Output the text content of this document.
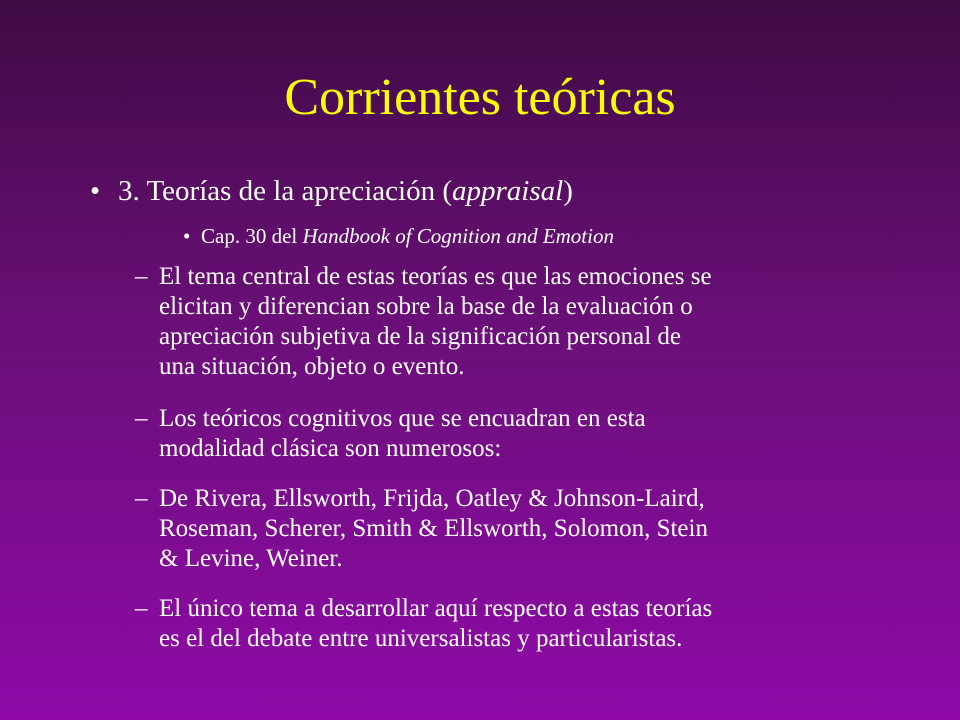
Corrientes teóricas
• 3. Teorías de la apreciación (appraisal)
• Cap. 30 del Handbook of Cognition and Emotion
– El tema central de estas teorías es que las emociones se
elicitan y diferencian sobre la base de la evaluación o
apreciación subjetiva de la significación personal de
una situación, objeto o evento.
– Los teóricos cognitivos que se encuadran en esta
modalidad clásica son numerosos:
– De Rivera, Ellsworth, Frijda, Oatley & Johnson-Laird,
Roseman, Scherer, Smith & Ellsworth, Solomon, Stein
& Levine, Weiner.
– El único tema a desarrollar aquí respecto a estas teorías
es el del debate entre universalistas y particularistas.
